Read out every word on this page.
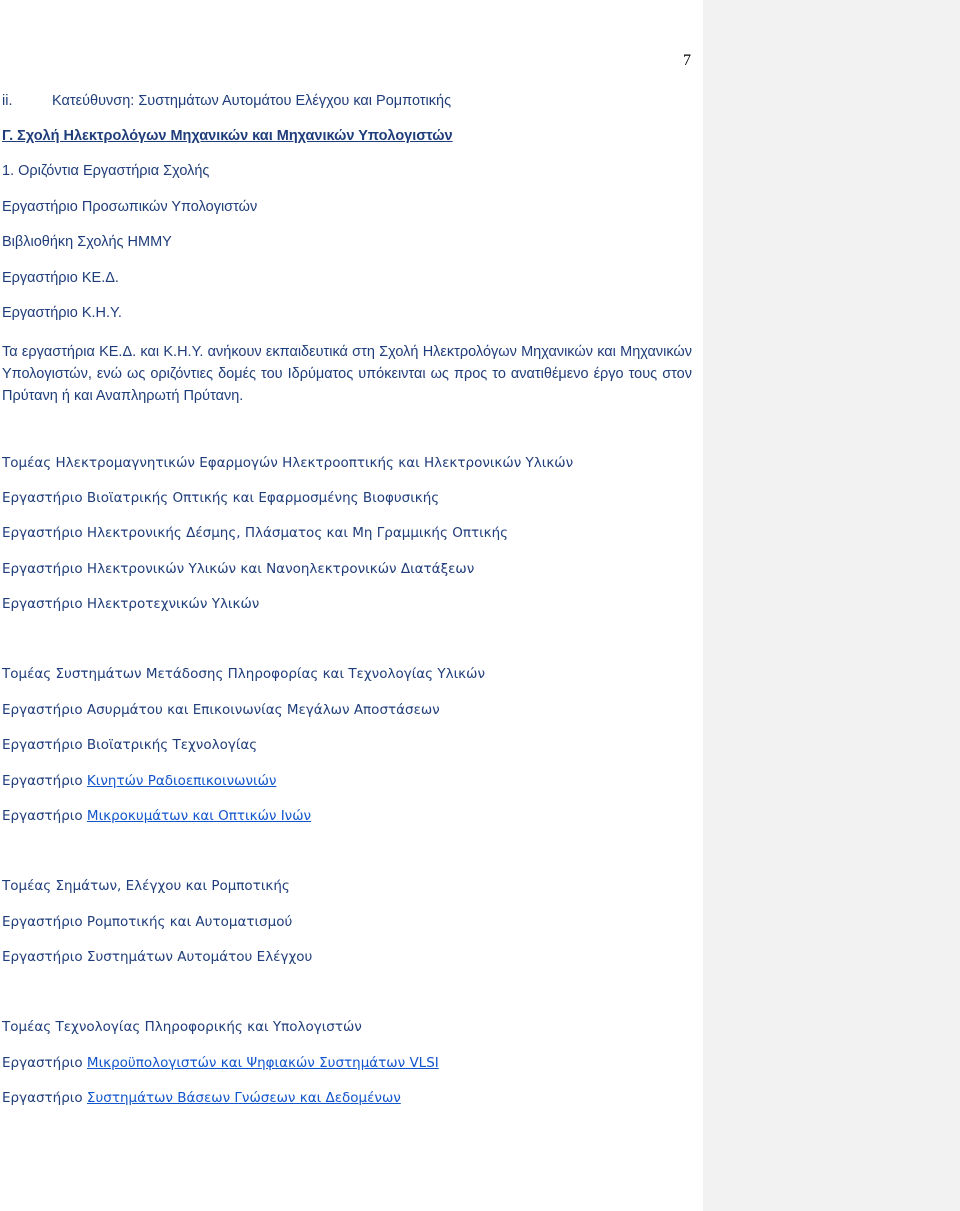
7
ii.	Κατεύθυνση: Συστημάτων Αυτομάτου Ελέγχου και Ρομποτικής
Γ. Σχολή Ηλεκτρολόγων Μηχανικών και Μηχανικών Υπολογιστών
1. Οριζόντια Εργαστήρια Σχολής
Εργαστήριο Προσωπικών Υπολογιστών
Βιβλιοθήκη Σχολής ΗΜΜΥ
Εργαστήριο ΚΕ.Δ.
Εργαστήριο Κ.Η.Υ.
Τα εργαστήρια ΚΕ.Δ. και Κ.Η.Υ. ανήκουν εκπαιδευτικά στη Σχολή Ηλεκτρολόγων Μηχανικών και Μηχανικών Υπολογιστών, ενώ ως οριζόντιες δομές του Ιδρύματος υπόκεινται ως προς το ανατιθέμενο έργο τους στον Πρύτανη ή και Αναπληρωτή Πρύτανη.
Τομέας Ηλεκτρομαγνητικών Εφαρμογών Ηλεκτροοπτικής και Ηλεκτρονικών Υλικών
Εργαστήριο Βιοϊατρικής Οπτικής και Εφαρμοσμένης Βιοφυσικής
Εργαστήριο Ηλεκτρονικής Δέσμης, Πλάσματος και Μη Γραμμικής Οπτικής
Εργαστήριο Ηλεκτρονικών Υλικών και Νανοηλεκτρονικών Διατάξεων
Εργαστήριο Ηλεκτροτεχνικών Υλικών
Τομέας Συστημάτων Μετάδοσης Πληροφορίας και Τεχνολογίας Υλικών
Εργαστήριο Ασυρμάτου και Επικοινωνίας Μεγάλων Αποστάσεων
Εργαστήριο Βιοϊατρικής Τεχνολογίας
Εργαστήριο Κινητών Ραδιοεπικοινωνιών
Εργαστήριο Μικροκυμάτων και Οπτικών Ινών
Τομέας Σημάτων, Ελέγχου και Ρομποτικής
Εργαστήριο Ρομποτικής και Αυτοματισμού
Εργαστήριο Συστημάτων Αυτομάτου Ελέγχου
Τομέας Τεχνολογίας Πληροφορικής και Υπολογιστών
Εργαστήριο Μικροϋπολογιστών και Ψηφιακών Συστημάτων VLSI
Εργαστήριο Συστημάτων Βάσεων Γνώσεων και Δεδομένων
